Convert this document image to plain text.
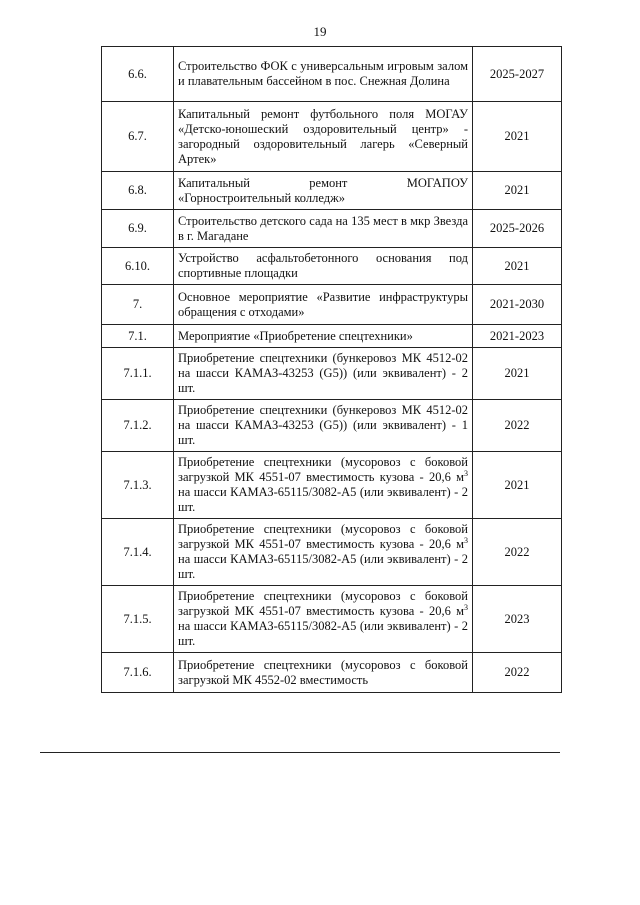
19
6.6.	Строительство ФОК с универсальным игровым залом и плавательным бассейном в пос. Снежная Долина	2025-2027
6.7.	Капитальный ремонт футбольного поля МОГАУ «Детско-юношеский оздоровительный центр» - загородный оздоровительный лагерь «Северный Артек»	2021
6.8.	Капитальный ремонт МОГАПОУ «Горностроительный колледж»	2021
6.9.	Строительство детского сада на 135 мест в мкр Звезда в г. Магадане	2025-2026
6.10.	Устройство асфальтобетонного основания под спортивные площадки	2021
7.	Основное мероприятие «Развитие инфраструктуры обращения с отходами»	2021-2030
7.1.	Мероприятие «Приобретение спецтехники»	2021-2023
7.1.1.	Приобретение спецтехники (бункеровоз МК 4512-02 на шасси КАМАЗ-43253 (G5)) (или эквивалент) - 2 шт.	2021
7.1.2.	Приобретение спецтехники (бункеровоз МК 4512-02 на шасси КАМАЗ-43253 (G5)) (или эквивалент) - 1 шт.	2022
7.1.3.	Приобретение спецтехники (мусоровоз с боковой загрузкой МК 4551-07 вместимость кузова - 20,6 $м^3$ на шасси КАМАЗ-65115/3082-А5 (или эквивалент) - 2 шт.	2021
7.1.4.	Приобретение спецтехники (мусоровоз с боковой загрузкой МК 4551-07 вместимость кузова - 20,6 $м^3$ на шасси КАМАЗ-65115/3082-А5 (или эквивалент) - 2 шт.	2022
7.1.5.	Приобретение спецтехники (мусоровоз с боковой загрузкой МК 4551-07 вместимость кузова - 20,6 $м^3$ на шасси КАМАЗ-65115/3082-А5 (или эквивалент) - 2 шт.	2023
7.1.6.	Приобретение спецтехники (мусоровоз с боковой загрузкой МК 4552-02 вместимость	2022
